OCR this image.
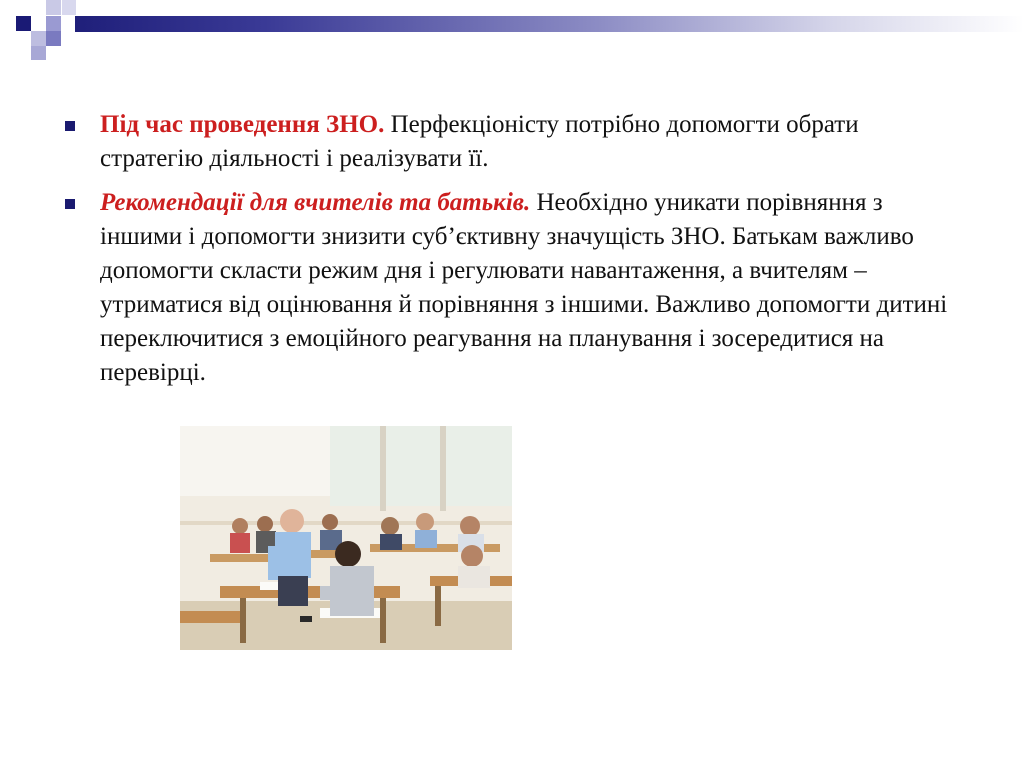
Під час проведення ЗНО. Перфекціоністу потрібно допомогти обрати стратегію діяльності і реалізувати її.
Рекомендації для вчителів та батьків. Необхідно уникати порівняння з іншими і допомогти знизити суб’єктивну значущість ЗНО. Батькам важливо допомогти скласти режим дня і регулювати навантаження, а вчителям – утриматися від оцінювання й порівняння з іншими. Важливо допомогти дитині переключитися з емоційного реагування на планування і зосередитися на перевірці.
